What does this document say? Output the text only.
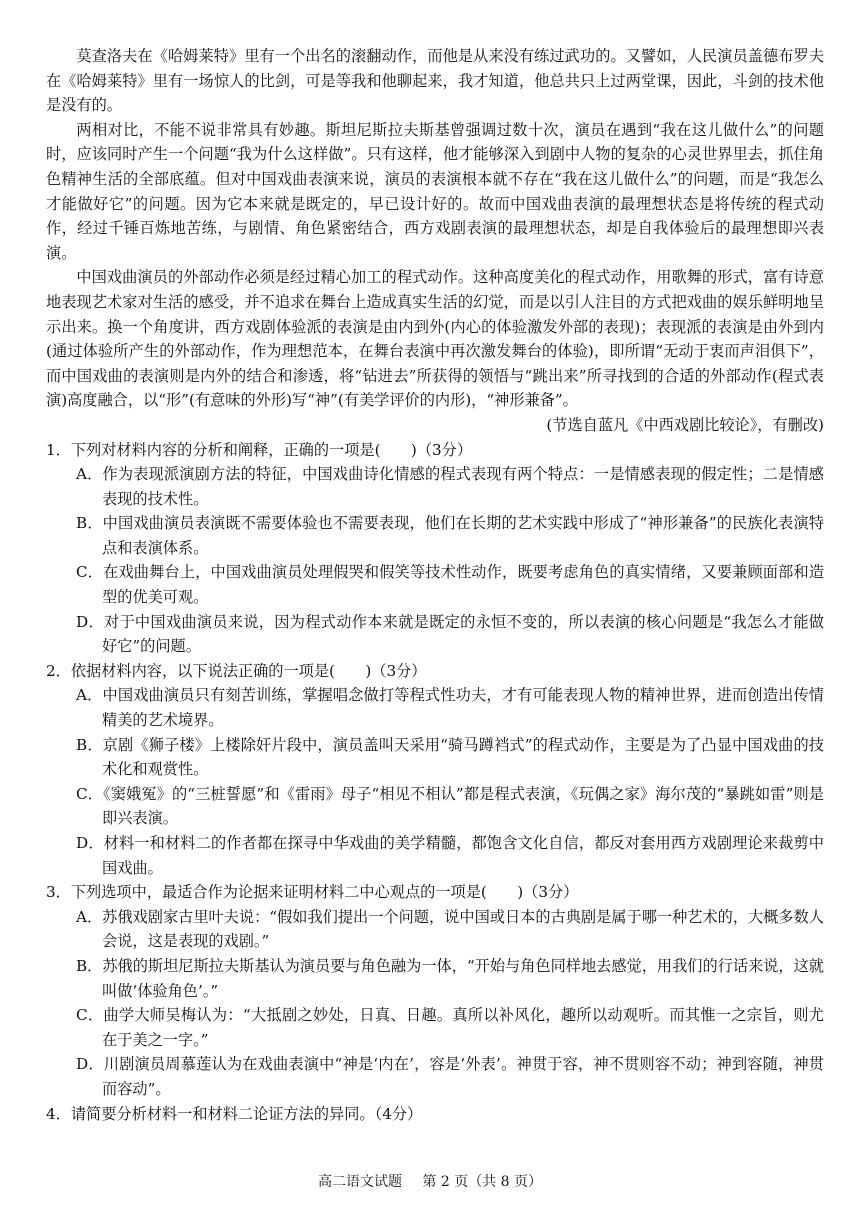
莫查洛夫在《哈姆莱特》里有一个出名的滚翻动作，而他是从来没有练过武功的。又譬如，人民演员盖德布罗夫在《哈姆莱特》里有一场惊人的比剑，可是等我和他聊起来，我才知道，他总共只上过两堂课，因此，斗剑的技术他是没有的。

两相对比，不能不说非常具有妙趣。斯坦尼斯拉夫斯基曾强调过数十次，演员在遇到“我在这儿做什么”的问题时，应该同时产生一个问题“我为什么这样做”。只有这样，他才能够深入到剧中人物的复杂的心灵世界里去，抓住角色精神生活的全部底蕴。但对中国戏曲表演来说，演员的表演根本就不存在“我在这儿做什么”的问题，而是“我怎么才能做好它”的问题。因为它本来就是既定的，早已设计好的。故而中国戏曲表演的最理想状态是将传统的程式动作，经过千锤百炼地苦练，与剧情、角色紧密结合，西方戏剧表演的最理想状态，却是自我体验后的最理想即兴表演。

中国戏曲演员的外部动作必须是经过精心加工的程式动作。这种高度美化的程式动作，用歌舞的形式，富有诗意地表现艺术家对生活的感受，并不追求在舞台上造成真实生活的幻觉，而是以引人注目的方式把戏曲的娱乐鲜明地呈示出来。换一个角度讲，西方戏剧体验派的表演是由内到外(内心的体验激发外部的表现)；表现派的表演是由外到内(通过体验所产生的外部动作，作为理想范本，在舞台表演中再次激发舞台的体验)，即所谓“无动于衷而声泪俱下”，而中国戏曲的表演则是内外的结合和渗透，将“钻进去”所获得的领悟与“跳出来”所寻找到的合适的外部动作(程式表演)高度融合，以“形”(有意味的外形)写“神”(有美学评价的内形)，“神形兼备”。

(节选自蓝凡《中西戏剧比较论》，有删改)

1．下列对材料内容的分析和阐释，正确的一项是(　　)（3分）

A．作为表现派演剧方法的特征，中国戏曲诗化情感的程式表现有两个特点：一是情感表现的假定性；二是情感表现的技术性。

B．中国戏曲演员表演既不需要体验也不需要表现，他们在长期的艺术实践中形成了“神形兼备”的民族化表演特点和表演体系。

C．在戏曲舞台上，中国戏曲演员处理假哭和假笑等技术性动作，既要考虑角色的真实情绪，又要兼顾面部和造型的优美可观。

D．对于中国戏曲演员来说，因为程式动作本来就是既定的永恒不变的，所以表演的核心问题是“我怎么才能做好它”的问题。

2．依据材料内容，以下说法正确的一项是(　　)（3分）

A．中国戏曲演员只有刻苦训练，掌握唱念做打等程式性功夫，才有可能表现人物的精神世界，进而创造出传情精美的艺术境界。

B．京剧《狮子楼》上楼除奸片段中，演员盖叫天采用“骑马蹲裆式”的程式动作，主要是为了凸显中国戏曲的技术化和观赏性。

C．《窦娥冤》的“三桩誓愿”和《雷雨》母子“相见不相认”都是程式表演，《玩偶之家》海尔茂的“暴跳如雷”则是即兴表演。

D．材料一和材料二的作者都在探寻中华戏曲的美学精髓，都饱含文化自信，都反对套用西方戏剧理论来裁剪中国戏曲。

3．下列选项中，最适合作为论据来证明材料二中心观点的一项是(　　)（3分）

A．苏俄戏剧家古里叶夫说：“假如我们提出一个问题，说中国或日本的古典剧是属于哪一种艺术的，大概多数人会说，这是表现的戏剧。”

B．苏俄的斯坦尼斯拉夫斯基认为演员要与角色融为一体，“开始与角色同样地去感觉，用我们的行话来说，这就叫做‘体验角色’。”

C．曲学大师吴梅认为：“大抵剧之妙处，日真、日趣。真所以补风化，趣所以动观听。而其惟一之宗旨，则尤在于美之一字。”

D．川剧演员周慕莲认为在戏曲表演中“神是‘内在’，容是‘外表’。神贯于容，神不贯则容不动；神到容随，神贯而容动”。

4．请简要分析材料一和材料二论证方法的异同。（4分）

高二语文试题 第 2 页（共 8 页）
